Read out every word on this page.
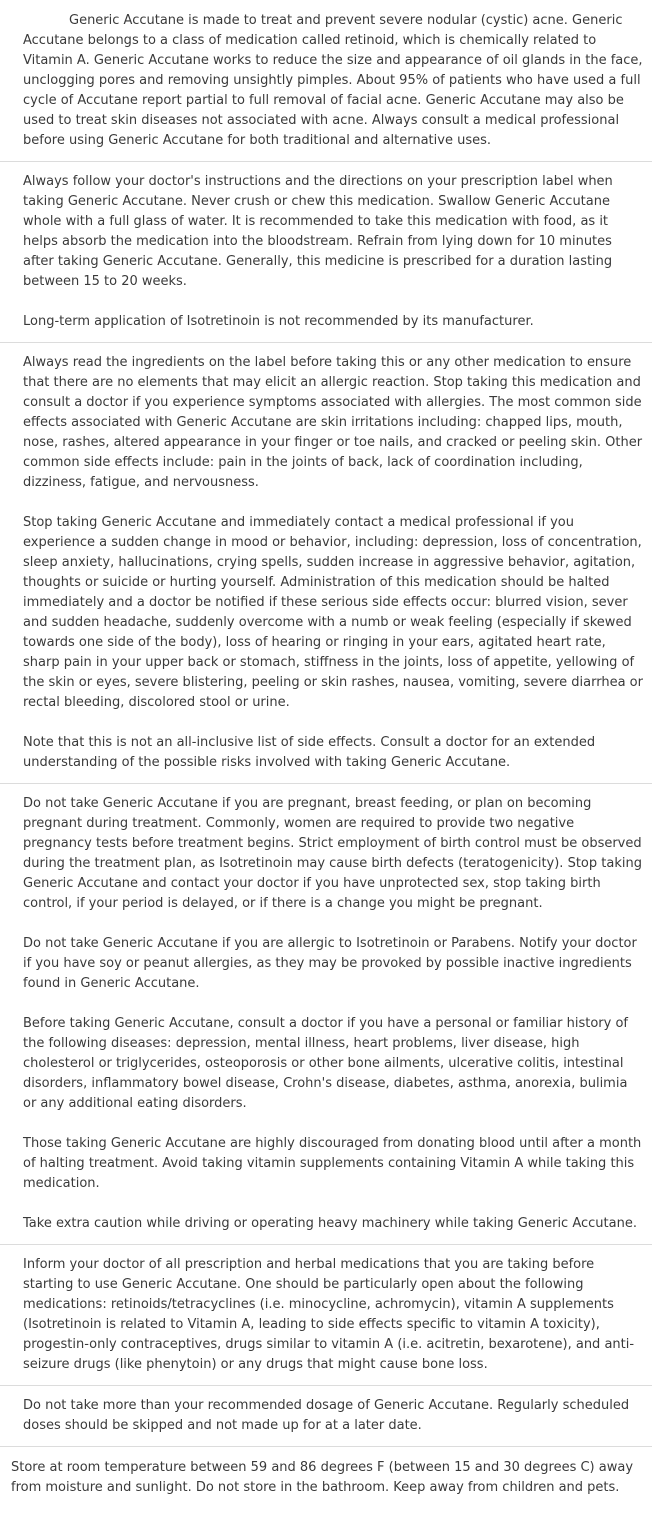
Generic Accutane is made to treat and prevent severe nodular (cystic) acne. Generic Accutane belongs to a class of medication called retinoid, which is chemically related to Vitamin A. Generic Accutane works to reduce the size and appearance of oil glands in the face, unclogging pores and removing unsightly pimples. About 95% of patients who have used a full cycle of Accutane report partial to full removal of facial acne. Generic Accutane may also be used to treat skin diseases not associated with acne. Always consult a medical professional before using Generic Accutane for both traditional and alternative uses.

Always follow your doctor's instructions and the directions on your prescription label when taking Generic Accutane. Never crush or chew this medication. Swallow Generic Accutane whole with a full glass of water. It is recommended to take this medication with food, as it helps absorb the medication into the bloodstream. Refrain from lying down for 10 minutes after taking Generic Accutane. Generally, this medicine is prescribed for a duration lasting between 15 to 20 weeks.

Long-term application of Isotretinoin is not recommended by its manufacturer.

Always read the ingredients on the label before taking this or any other medication to ensure that there are no elements that may elicit an allergic reaction. Stop taking this medication and consult a doctor if you experience symptoms associated with allergies. The most common side effects associated with Generic Accutane are skin irritations including: chapped lips, mouth, nose, rashes, altered appearance in your finger or toe nails, and cracked or peeling skin. Other common side effects include: pain in the joints of back, lack of coordination including, dizziness, fatigue, and nervousness.

Stop taking Generic Accutane and immediately contact a medical professional if you experience a sudden change in mood or behavior, including: depression, loss of concentration, sleep anxiety, hallucinations, crying spells, sudden increase in aggressive behavior, agitation, thoughts or suicide or hurting yourself. Administration of this medication should be halted immediately and a doctor be notified if these serious side effects occur: blurred vision, sever and sudden headache, suddenly overcome with a numb or weak feeling (especially if skewed towards one side of the body), loss of hearing or ringing in your ears, agitated heart rate, sharp pain in your upper back or stomach, stiffness in the joints, loss of appetite, yellowing of the skin or eyes, severe blistering, peeling or skin rashes, nausea, vomiting, severe diarrhea or rectal bleeding, discolored stool or urine.

Note that this is not an all-inclusive list of side effects. Consult a doctor for an extended understanding of the possible risks involved with taking Generic Accutane.

Do not take Generic Accutane if you are pregnant, breast feeding, or plan on becoming pregnant during treatment. Commonly, women are required to provide two negative pregnancy tests before treatment begins. Strict employment of birth control must be observed during the treatment plan, as Isotretinoin may cause birth defects (teratogenicity). Stop taking Generic Accutane and contact your doctor if you have unprotected sex, stop taking birth control, if your period is delayed, or if there is a change you might be pregnant.

Do not take Generic Accutane if you are allergic to Isotretinoin or Parabens. Notify your doctor if you have soy or peanut allergies, as they may be provoked by possible inactive ingredients found in Generic Accutane.

Before taking Generic Accutane, consult a doctor if you have a personal or familiar history of the following diseases: depression, mental illness, heart problems, liver disease, high cholesterol or triglycerides, osteoporosis or other bone ailments, ulcerative colitis, intestinal disorders, inflammatory bowel disease, Crohn's disease, diabetes, asthma, anorexia, bulimia or any additional eating disorders.

Those taking Generic Accutane are highly discouraged from donating blood until after a month of halting treatment. Avoid taking vitamin supplements containing Vitamin A while taking this medication.

Take extra caution while driving or operating heavy machinery while taking Generic Accutane.

Inform your doctor of all prescription and herbal medications that you are taking before starting to use Generic Accutane. One should be particularly open about the following medications: retinoids/tetracyclines (i.e. minocycline, achromycin), vitamin A supplements (Isotretinoin is related to Vitamin A, leading to side effects specific to vitamin A toxicity), progestin-only contraceptives, drugs similar to vitamin A (i.e. acitretin, bexarotene), and anti-seizure drugs (like phenytoin) or any drugs that might cause bone loss.

Do not take more than your recommended dosage of Generic Accutane. Regularly scheduled doses should be skipped and not made up for at a later date.

Store at room temperature between 59 and 86 degrees F (between 15 and 30 degrees C) away from moisture and sunlight. Do not store in the bathroom. Keep away from children and pets.
